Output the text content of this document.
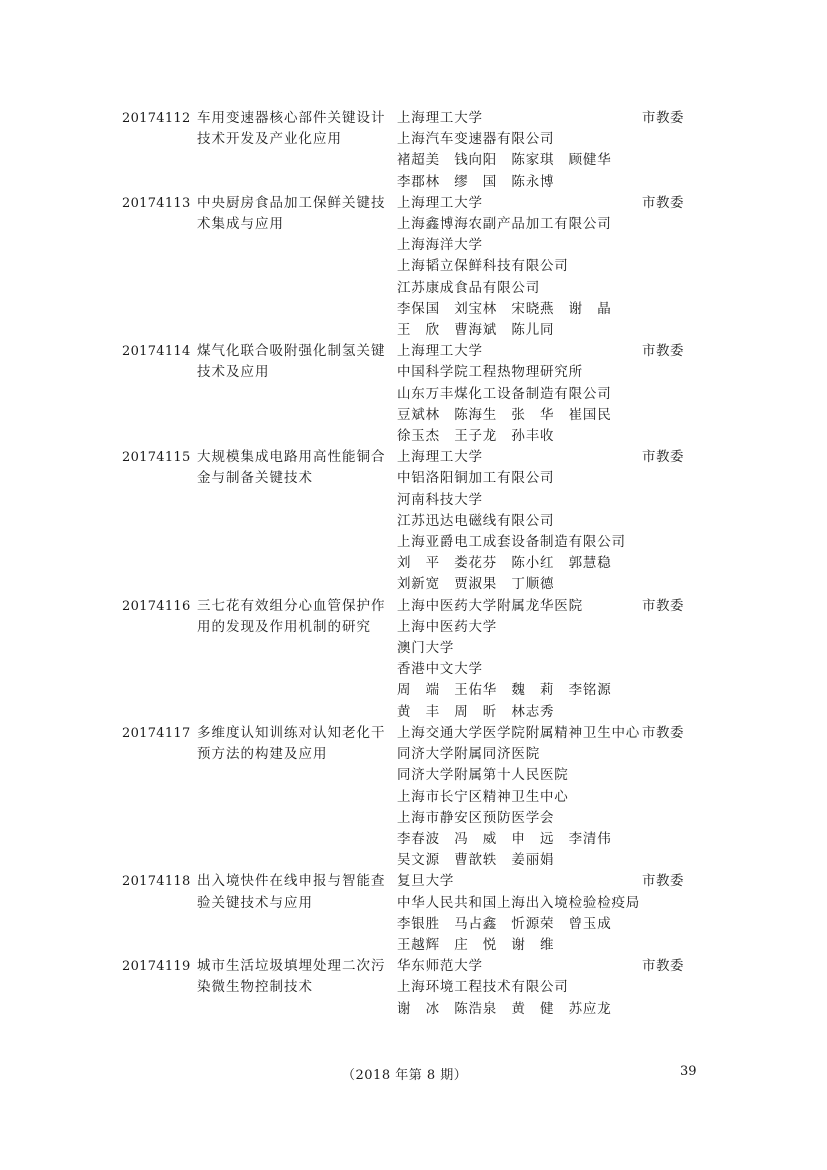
20174112 车用变速器核心部件关键设计
技术开发及产业化应用
上海理工大学
上海汽车变速器有限公司
褚超美　钱向阳　陈家琪　顾健华
李郡林　缪　国　陈永博
市教委
20174113 中央厨房食品加工保鲜关键技
术集成与应用
上海理工大学
上海鑫博海农副产品加工有限公司
上海海洋大学
上海韬立保鲜科技有限公司
江苏康成食品有限公司
李保国　刘宝林　宋晓燕　谢　晶
王　欣　曹海斌　陈儿同
市教委
20174114 煤气化联合吸附强化制氢关键
技术及应用
上海理工大学
中国科学院工程热物理研究所
山东万丰煤化工设备制造有限公司
豆斌林　陈海生　张　华　崔国民
徐玉杰　王子龙　孙丰收
市教委
20174115 大规模集成电路用高性能铜合
金与制备关键技术
上海理工大学
中铝洛阳铜加工有限公司
河南科技大学
江苏迅达电磁线有限公司
上海亚爵电工成套设备制造有限公司
刘　平　娄花芬　陈小红　郭慧稳
刘新宽　贾淑果　丁顺德
市教委
20174116 三七花有效组分心血管保护作
用的发现及作用机制的研究
上海中医药大学附属龙华医院
上海中医药大学
澳门大学
香港中文大学
周　端　王佑华　魏　莉　李铭源
黄　丰　周　昕　林志秀
市教委
20174117 多维度认知训练对认知老化干
预方法的构建及应用
上海交通大学医学院附属精神卫生中心
同济大学附属同济医院
同济大学附属第十人民医院
上海市长宁区精神卫生中心
上海市静安区预防医学会
李春波　冯　威　申　远　李清伟
吴文源　曹歆轶　姜丽娟
市教委
20174118 出入境快件在线申报与智能查
验关键技术与应用
复旦大学
中华人民共和国上海出入境检验检疫局
李银胜　马占鑫　忻源荣　曾玉成
王越辉　庄　悦　谢　维
市教委
20174119 城市生活垃圾填埋处理二次污
染微生物控制技术
华东师范大学
上海环境工程技术有限公司
谢　冰　陈浩泉　黄　健　苏应龙
市教委
（2018 年第 8 期）	39
